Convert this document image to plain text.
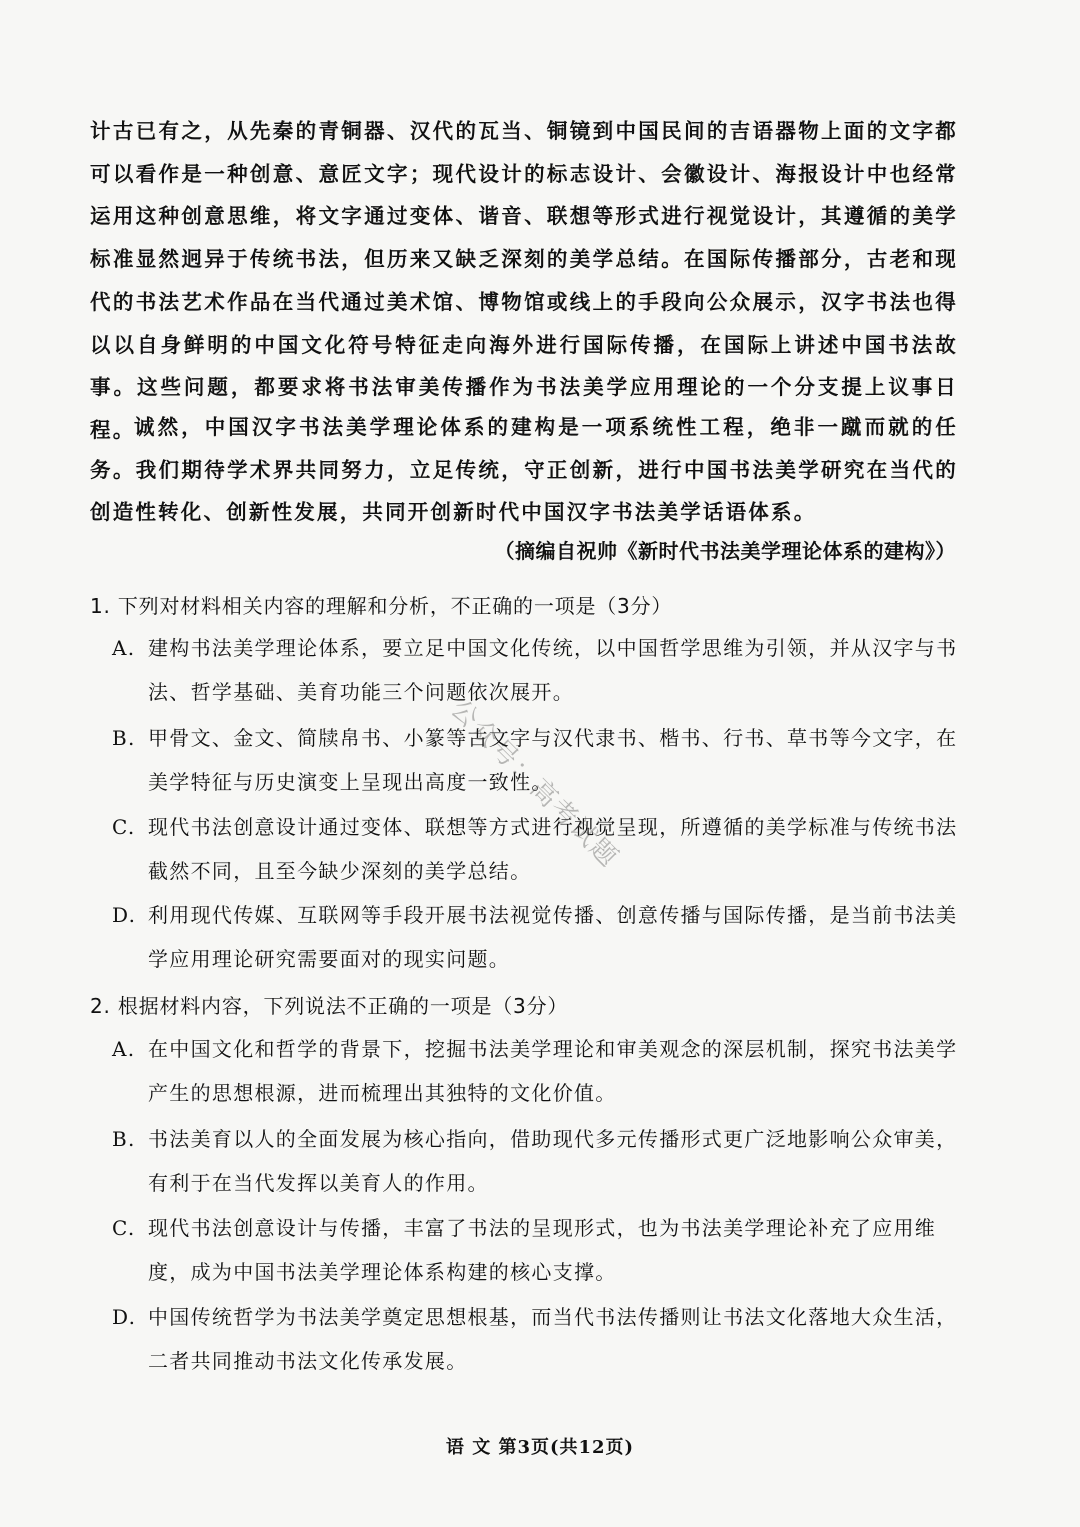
计古已有之，从先秦的青铜器、汉代的瓦当、铜镜到中国民间的吉语器物上面的文字都可以看作是一种创意、意匠文字；现代设计的标志设计、会徽设计、海报设计中也经常运用这种创意思维，将文字通过变体、谐音、联想等形式进行视觉设计，其遵循的美学标准显然迥异于传统书法，但历来又缺乏深刻的美学总结。在国际传播部分，古老和现代的书法艺术作品在当代通过美术馆、博物馆或线上的手段向公众展示，汉字书法也得以以自身鲜明的中国文化符号特征走向海外进行国际传播，在国际上讲述中国书法故事。这些问题，都要求将书法审美传播作为书法美学应用理论的一个分支提上议事日程。

诚然，中国汉字书法美学理论体系的建构是一项系统性工程，绝非一蹴而就的任务。我们期待学术界共同努力，立足传统，守正创新，进行中国书法美学研究在当代的创造性转化、创新性发展，共同开创新时代中国汉字书法美学话语体系。

（摘编自祝帅《新时代书法美学理论体系的建构》）

1. 下列对材料相关内容的理解和分析，不正确的一项是（3分）

A. 建构书法美学理论体系，要立足中国文化传统，以中国哲学思维为引领，并从汉字与书法、哲学基础、美育功能三个问题依次展开。
B. 甲骨文、金文、简牍帛书、小篆等古文字与汉代隶书、楷书、行书、草书等今文字，在美学特征与历史演变上呈现出高度一致性。
C. 现代书法创意设计通过变体、联想等方式进行视觉呈现，所遵循的美学标准与传统书法截然不同，且至今缺少深刻的美学总结。
D. 利用现代传媒、互联网等手段开展书法视觉传播、创意传播与国际传播，是当前书法美学应用理论研究需要面对的现实问题。

2. 根据材料内容，下列说法不正确的一项是（3分）

A. 在中国文化和哲学的背景下，挖掘书法美学理论和审美观念的深层机制，探究书法美学产生的思想根源，进而梳理出其独特的文化价值。
B. 书法美育以人的全面发展为核心指向，借助现代多元传播形式更广泛地影响公众审美，有利于在当代发挥以美育人的作用。
C. 现代书法创意设计与传播，丰富了书法的呈现形式，也为书法美学理论补充了应用维度，成为中国书法美学理论体系构建的核心支撑。
D. 中国传统哲学为书法美学奠定思想根基，而当代书法传播则让书法文化落地大众生活，二者共同推动书法文化传承发展。
语 文 第3页(共12页)
公众号：高考试题
